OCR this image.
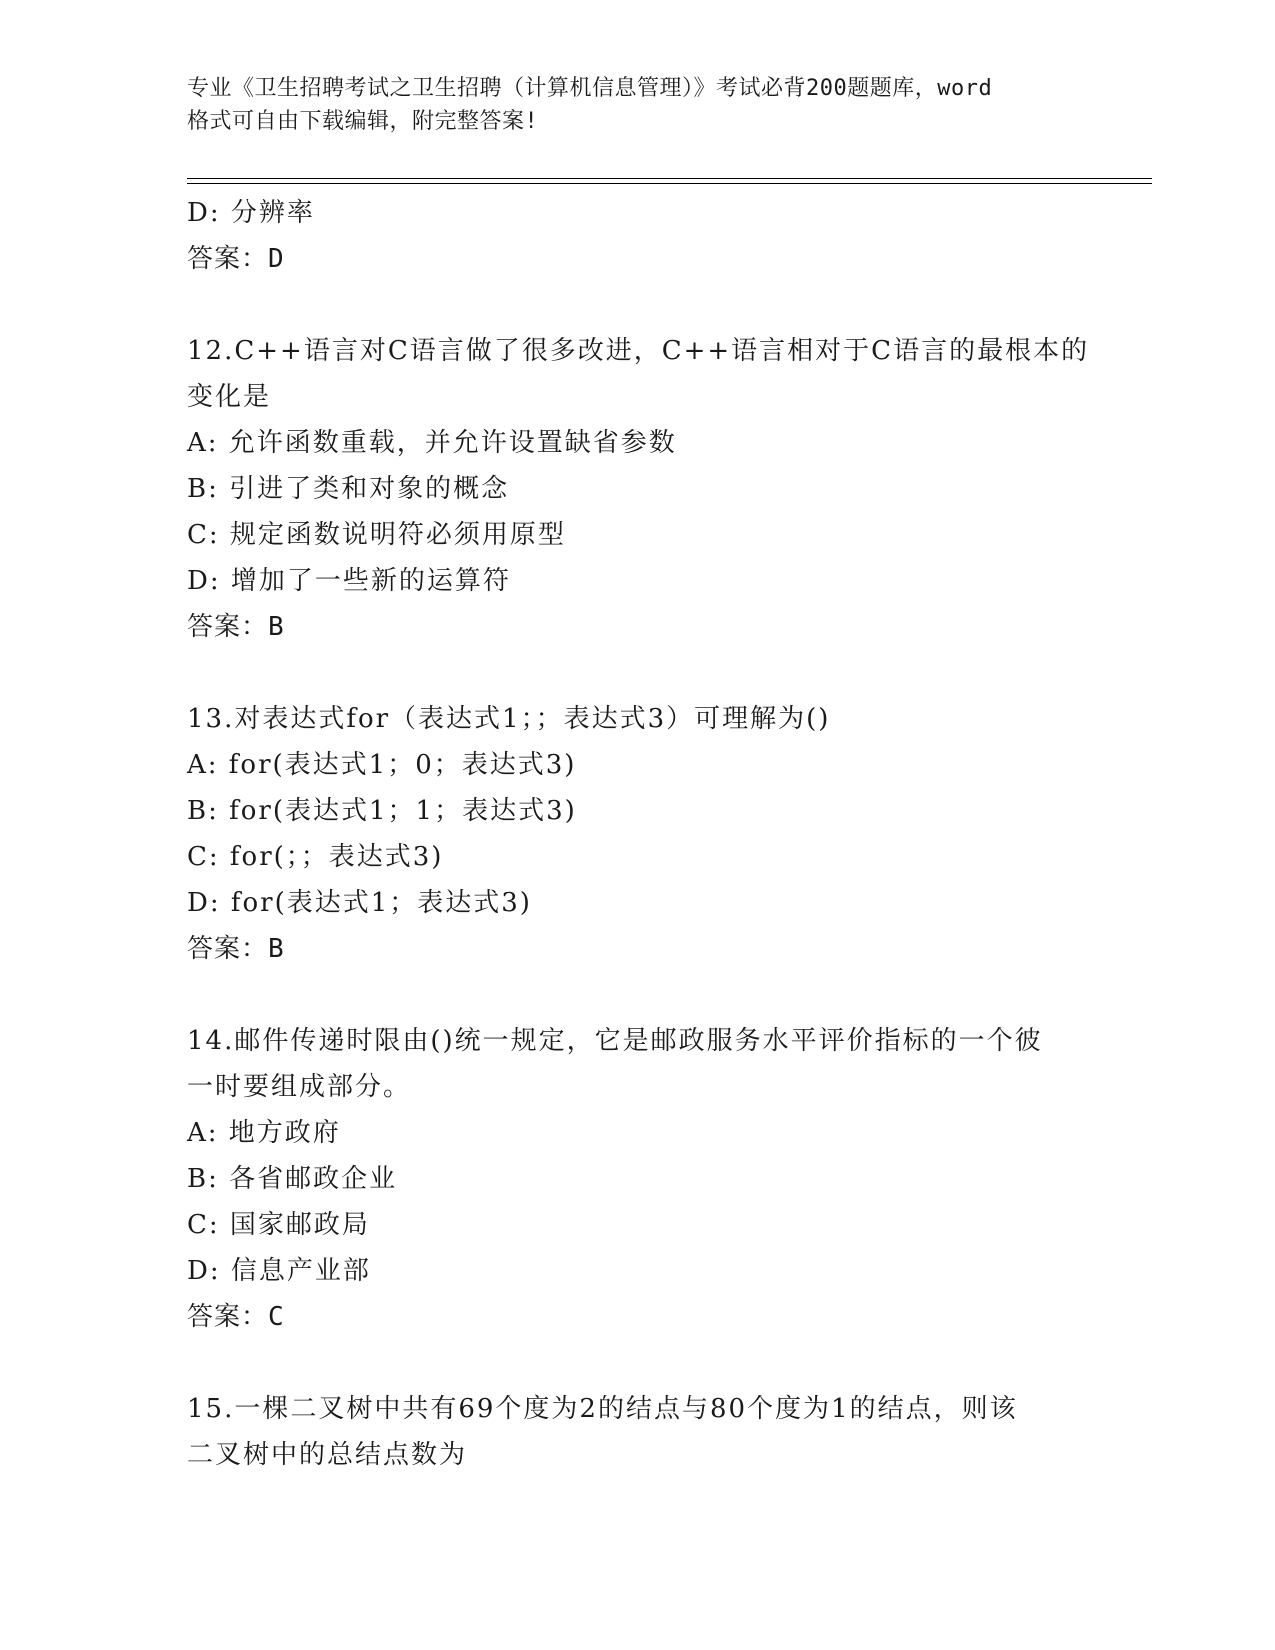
专业《卫生招聘考试之卫生招聘（计算机信息管理）》考试必背200题题库，word
格式可自由下载编辑，附完整答案!
D: 分辨率
答案：D
12.C++语言对C语言做了很多改进，C++语言相对于C语言的最根本的
变化是
A: 允许函数重载，并允许设置缺省参数
B: 引进了类和对象的概念
C: 规定函数说明符必须用原型
D: 增加了一些新的运算符
答案：B
13.对表达式for（表达式1；；表达式3）可理解为()
A: for(表达式1；0；表达式3)
B: for(表达式1；1；表达式3)
C: for(；；表达式3)
D: for(表达式1；表达式3)
答案：B
14.邮件传递时限由()统一规定，它是邮政服务水平评价指标的一个彼
一时要组成部分。
A: 地方政府
B: 各省邮政企业
C: 国家邮政局
D: 信息产业部
答案：C
15.一棵二叉树中共有69个度为2的结点与80个度为1的结点，则该
二叉树中的总结点数为
